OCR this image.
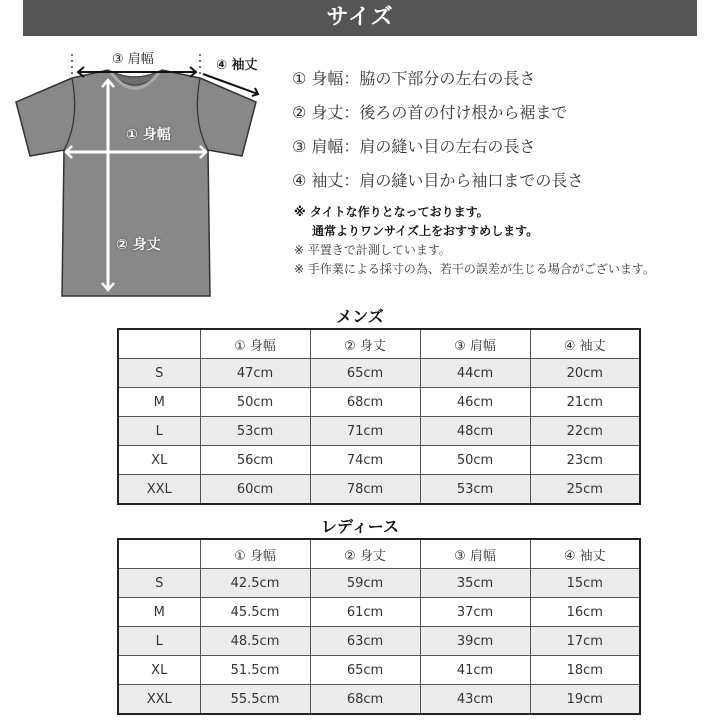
サイズ
③ 肩幅	④ 袖丈
① 身幅
② 身丈
① 身幅：脇の下部分の左右の長さ
② 身丈：後ろの首の付け根から裾まで
③ 肩幅：肩の縫い目の左右の長さ
④ 袖丈：肩の縫い目から袖口までの長さ
※ タイトな作りとなっております。
通常よりワンサイズ上をおすすめします。
※ 平置きで計測しています。
※ 手作業による採寸の為、若干の誤差が生じる場合がございます。
メンズ
	① 身幅	② 身丈	③ 肩幅	④ 袖丈
S	47cm	65cm	44cm	20cm
M	50cm	68cm	46cm	21cm
L	53cm	71cm	48cm	22cm
XL	56cm	74cm	50cm	23cm
XXL	60cm	78cm	53cm	25cm
レディース
	① 身幅	② 身丈	③ 肩幅	④ 袖丈
S	42.5cm	59cm	35cm	15cm
M	45.5cm	61cm	37cm	16cm
L	48.5cm	63cm	39cm	17cm
XL	51.5cm	65cm	41cm	18cm
XXL	55.5cm	68cm	43cm	19cm
